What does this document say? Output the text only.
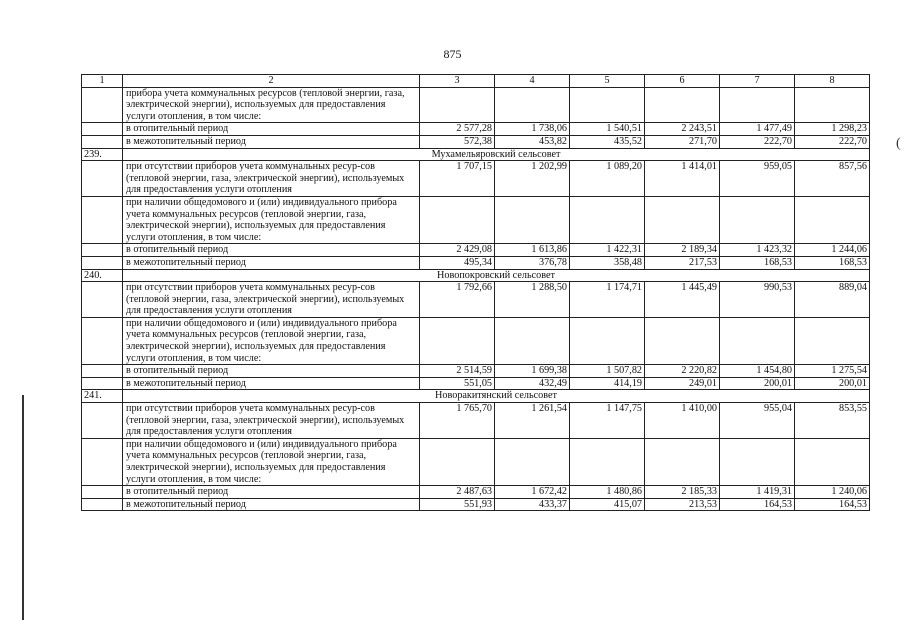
875
1	2	3	4	5	6	7	8
	прибора учета коммунальных ресурсов (тепловой энергии, газа, электрической энергии), используемых для предоставления услуги отопления, в том числе:						
	в отопительный период	2 577,28	1 738,06	1 540,51	2 243,51	1 477,49	1 298,23
	в межотопительный период	572,38	453,82	435,52	271,70	222,70	222,70
239.	Мухамельяровский сельсовет						
	при отсутствии приборов учета коммунальных ресур-сов (тепловой энергии, газа, электрической энергии), используемых для предоставления услуги отопления	1 707,15	1 202,99	1 089,20	1 414,01	959,05	857,56
	при наличии общедомового и (или) индивидуального прибора учета коммунальных ресурсов (тепловой энергии, газа, электрической энергии), используемых для предоставления услуги отопления, в том числе:						
	в отопительный период	2 429,08	1 613,86	1 422,31	2 189,34	1 423,32	1 244,06
	в межотопительный период	495,34	376,78	358,48	217,53	168,53	168,53
240.	Новопокровский сельсовет						
	при отсутствии приборов учета коммунальных ресур-сов (тепловой энергии, газа, электрической энергии), используемых для предоставления услуги отопления	1 792,66	1 288,50	1 174,71	1 445,49	990,53	889,04
	при наличии общедомового и (или) индивидуального прибора учета коммунальных ресурсов (тепловой энергии, газа, электрической энергии), используемых для предоставления услуги отопления, в том числе:						
	в отопительный период	2 514,59	1 699,38	1 507,82	2 220,82	1 454,80	1 275,54
	в межотопительный период	551,05	432,49	414,19	249,01	200,01	200,01
241.	Новоракитянский сельсовет						
	при отсутствии приборов учета коммунальных ресур-сов (тепловой энергии, газа, электрической энергии), используемых для предоставления услуги отопления	1 765,70	1 261,54	1 147,75	1 410,00	955,04	853,55
	при наличии общедомового и (или) индивидуального прибора учета коммунальных ресурсов (тепловой энергии, газа, электрической энергии), используемых для предоставления услуги отопления, в том числе:						
	в отопительный период	2 487,63	1 672,42	1 480,86	2 185,33	1 419,31	1 240,06
	в межотопительный период	551,93	433,37	415,07	213,53	164,53	164,53
(
